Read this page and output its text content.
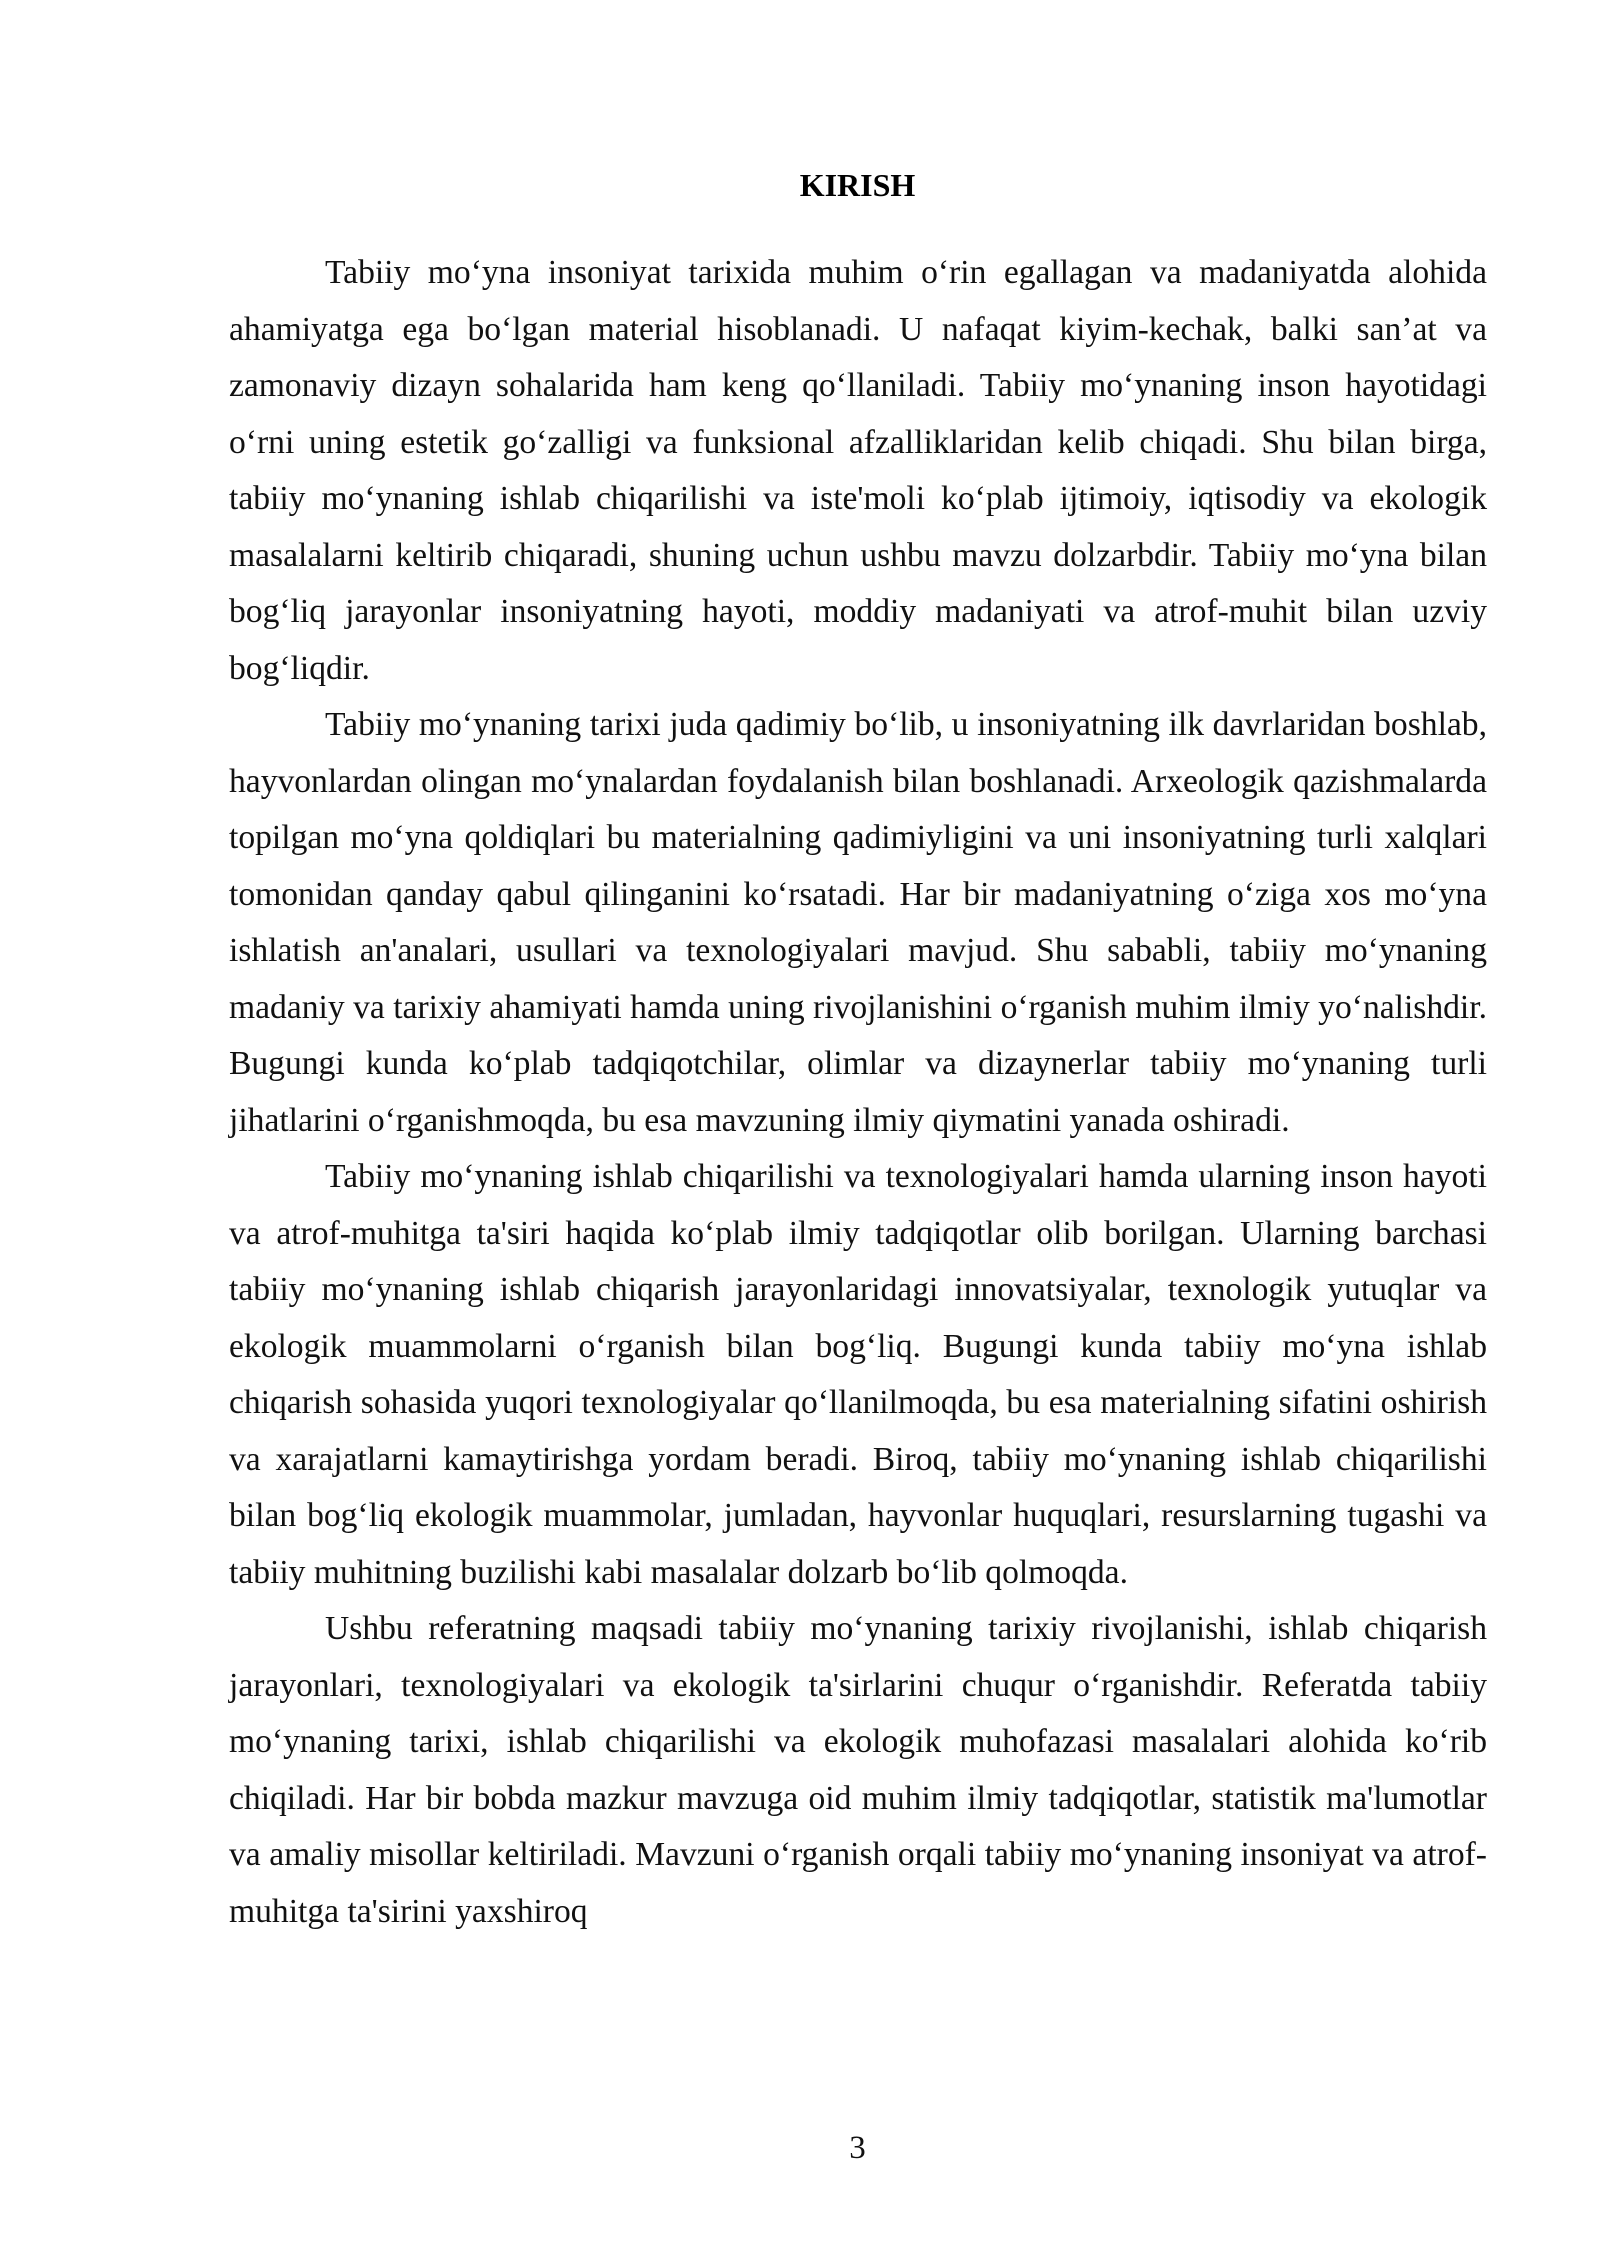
KIRISH

Tabiiy mo‘yna insoniyat tarixida muhim o‘rin egallagan va madaniyatda alohida ahamiyatga ega bo‘lgan material hisoblanadi. U nafaqat kiyim-kechak, balki san’at va zamonaviy dizayn sohalarida ham keng qo‘llaniladi. Tabiiy mo‘ynaning inson hayotidagi o‘rni uning estetik go‘zalligi va funksional afzalliklaridan kelib chiqadi. Shu bilan birga, tabiiy mo‘ynaning ishlab chiqarilishi va iste'moli ko‘plab ijtimoiy, iqtisodiy va ekologik masalalarni keltirib chiqaradi, shuning uchun ushbu mavzu dolzarbdir. Tabiiy mo‘yna bilan bog‘liq jarayonlar insoniyatning hayoti, moddiy madaniyati va atrof-muhit bilan uzviy bog‘liqdir.

Tabiiy mo‘ynaning tarixi juda qadimiy bo‘lib, u insoniyatning ilk davrlaridan boshlab, hayvonlardan olingan mo‘ynalardan foydalanish bilan boshlanadi. Arxeologik qazishmalarda topilgan mo‘yna qoldiqlari bu materialning qadimiyligini va uni insoniyatning turli xalqlari tomonidan qanday qabul qilinganini ko‘rsatadi. Har bir madaniyatning o‘ziga xos mo‘yna ishlatish an'analari, usullari va texnologiyalari mavjud. Shu sababli, tabiiy mo‘ynaning madaniy va tarixiy ahamiyati hamda uning rivojlanishini o‘rganish muhim ilmiy yo‘nalishdir. Bugungi kunda ko‘plab tadqiqotchilar, olimlar va dizaynerlar tabiiy mo‘ynaning turli jihatlarini o‘rganishmoqda, bu esa mavzuning ilmiy qiymatini yanada oshiradi.

Tabiiy mo‘ynaning ishlab chiqarilishi va texnologiyalari hamda ularning inson hayoti va atrof-muhitga ta'siri haqida ko‘plab ilmiy tadqiqotlar olib borilgan. Ularning barchasi tabiiy mo‘ynaning ishlab chiqarish jarayonlaridagi innovatsiyalar, texnologik yutuqlar va ekologik muammolarni o‘rganish bilan bog‘liq. Bugungi kunda tabiiy mo‘yna ishlab chiqarish sohasida yuqori texnologiyalar qo‘llanilmoqda, bu esa materialning sifatini oshirish va xarajatlarni kamaytirishga yordam beradi. Biroq, tabiiy mo‘ynaning ishlab chiqarilishi bilan bog‘liq ekologik muammolar, jumladan, hayvonlar huquqlari, resurslarning tugashi va tabiiy muhitning buzilishi kabi masalalar dolzarb bo‘lib qolmoqda.

Ushbu referatning maqsadi tabiiy mo‘ynaning tarixiy rivojlanishi, ishlab chiqarish jarayonlari, texnologiyalari va ekologik ta'sirlarini chuqur o‘rganishdir. Referatda tabiiy mo‘ynaning tarixi, ishlab chiqarilishi va ekologik muhofazasi masalalari alohida ko‘rib chiqiladi. Har bir bobda mazkur mavzuga oid muhim ilmiy tadqiqotlar, statistik ma'lumotlar va amaliy misollar keltiriladi. Mavzuni o‘rganish orqali tabiiy mo‘ynaning insoniyat va atrof-muhitga ta'sirini yaxshiroq

3
